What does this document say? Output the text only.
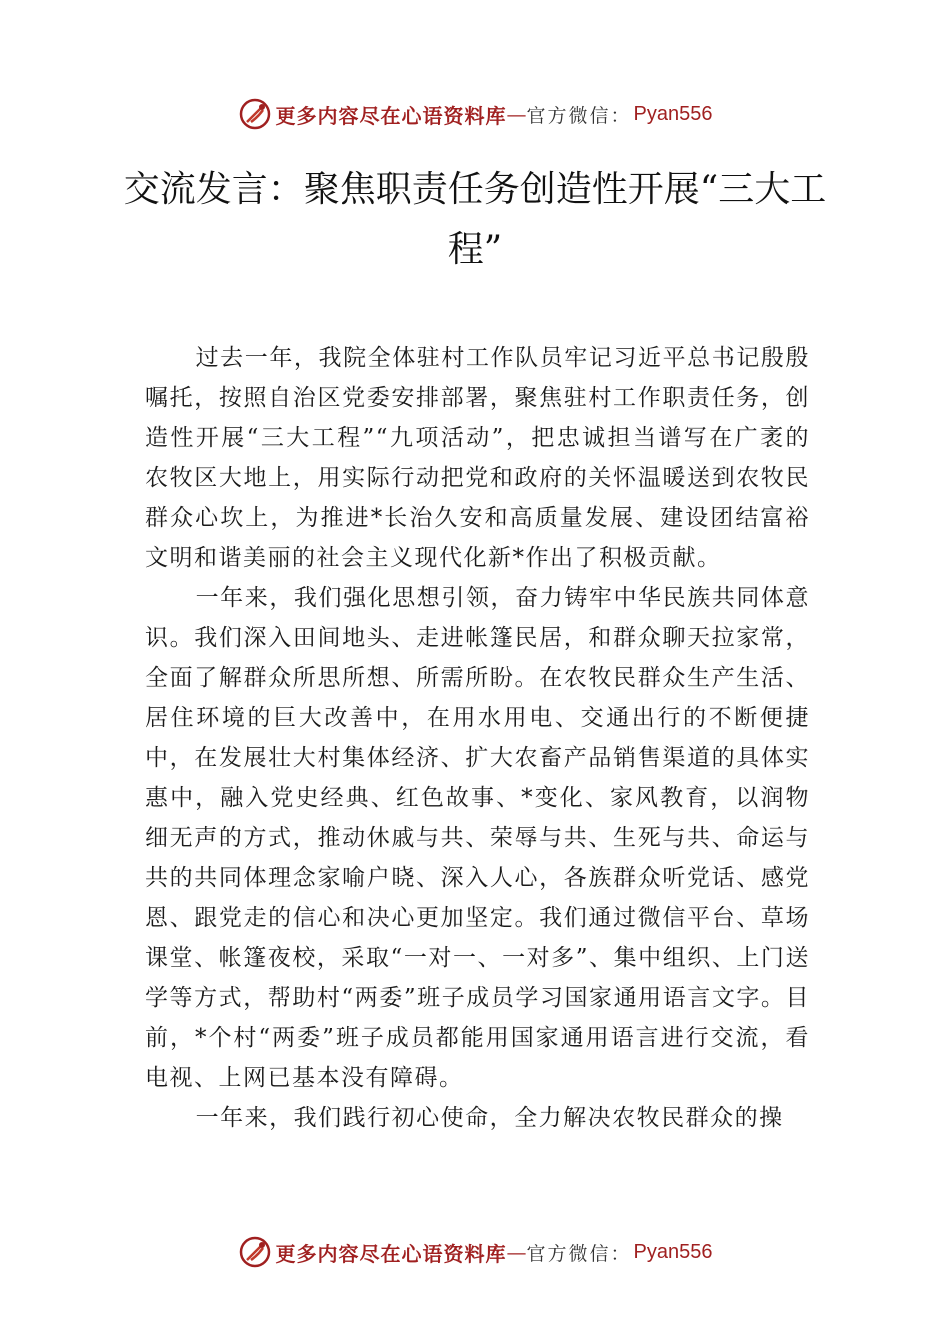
更多内容尽在心语资料库 — 官方微信： Pyan556
交流发言：聚焦职责任务创造性开展“三大工程”

过去一年，我院全体驻村工作队员牢记习近平总书记殷殷嘱托，按照自治区党委安排部署，聚焦驻村工作职责任务，创造性开展“三大工程”“九项活动”，把忠诚担当谱写在广袤的农牧区大地上，用实际行动把党和政府的关怀温暖送到农牧民群众心坎上，为推进*长治久安和高质量发展、建设团结富裕文明和谐美丽的社会主义现代化新*作出了积极贡献。

一年来，我们强化思想引领，奋力铸牢中华民族共同体意识。我们深入田间地头、走进帐篷民居，和群众聊天拉家常，全面了解群众所思所想、所需所盼。在农牧民群众生产生活、居住环境的巨大改善中，在用水用电、交通出行的不断便捷中，在发展壮大村集体经济、扩大农畜产品销售渠道的具体实惠中，融入党史经典、红色故事、*变化、家风教育，以润物细无声的方式，推动休戚与共、荣辱与共、生死与共、命运与共的共同体理念家喻户晓、深入人心，各族群众听党话、感党恩、跟党走的信心和决心更加坚定。我们通过微信平台、草场课堂、帐篷夜校，采取“一对一、一对多”、集中组织、上门送学等方式，帮助村“两委”班子成员学习国家通用语言文字。目前，*个村“两委”班子成员都能用国家通用语言进行交流，看电视、上网已基本没有障碍。

一年来，我们践行初心使命，全力解决农牧民群众的操

更多内容尽在心语资料库 — 官方微信： Pyan556
